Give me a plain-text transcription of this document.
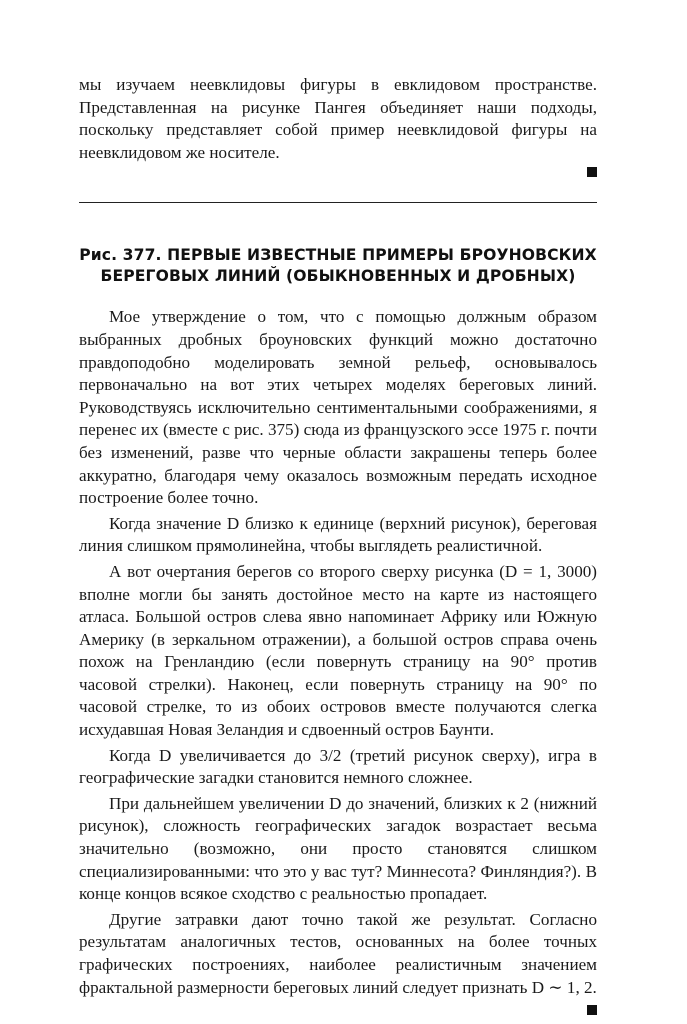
мы изучаем неевклидовы фигуры в евклидовом пространстве. Представленная на рисунке Пангея объединяет наши подходы, поскольку представляет собой пример неевклидовой фигуры на неевклидовом же носителе.

Рис. 377. ПЕРВЫЕ ИЗВЕСТНЫЕ ПРИМЕРЫ БРОУНОВСКИХ
БЕРЕГОВЫХ ЛИНИЙ (ОБЫКНОВЕННЫХ И ДРОБНЫХ)

Мое утверждение о том, что с помощью должным образом выбранных дробных броуновских функций можно достаточно правдоподобно моделировать земной рельеф, основывалось первоначально на вот этих четырех моделях береговых линий. Руководствуясь исключительно сентиментальными соображениями, я перенес их (вместе с рис. 375) сюда из французского эссе 1975 г. почти без изменений, разве что черные области закрашены теперь более аккуратно, благодаря чему оказалось возможным передать исходное построение более точно.

Когда значение D близко к единице (верхний рисунок), береговая линия слишком прямолинейна, чтобы выглядеть реалистичной.

А вот очертания берегов со второго сверху рисунка (D = 1, 3000) вполне могли бы занять достойное место на карте из настоящего атласа. Большой остров слева явно напоминает Африку или Южную Америку (в зеркальном отражении), а большой остров справа очень похож на Гренландию (если повернуть страницу на 90° против часовой стрелки). Наконец, если повернуть страницу на 90° по часовой стрелке, то из обоих островов вместе получаются слегка исхудавшая Новая Зеландия и сдвоенный остров Баунти.

Когда D увеличивается до 3/2 (третий рисунок сверху), игра в географические загадки становится немного сложнее.

При дальнейшем увеличении D до значений, близких к 2 (нижний рисунок), сложность географических загадок возрастает весьма значительно (возможно, они просто становятся слишком специализированными: что это у вас тут? Миннесота? Финляндия?). В конце концов всякое сходство с реальностью пропадает.

Другие затравки дают точно такой же результат. Согласно результатам аналогичных тестов, основанных на более точных графических построениях, наиболее реалистичным значением фрактальной размерности береговых линий следует признать D ∼ 1, 2.
